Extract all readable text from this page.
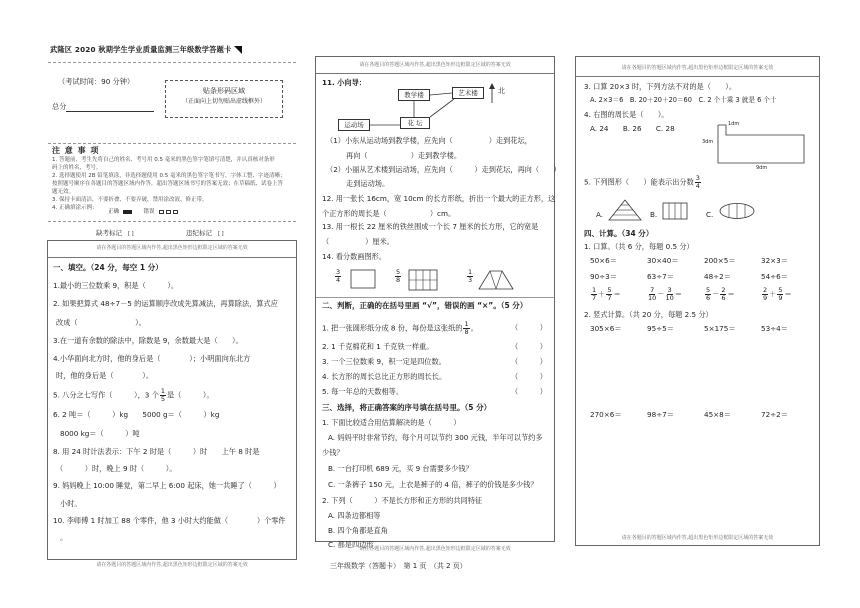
武隆区 2020 秋期学生学业质量监测三年级数学答题卡
（考试时间：90 分钟）
总分
贴条形码区域
（正面向上切勿贴出虚线框外）
注 意 事 项
1. 答题前，考生先将自己的姓名、考号用 0.5 毫米的黑色签字笔填写清楚，并认真核对条形
码上的姓名、考号。
2. 选择题使用 2B 铅笔填涂，非选择题使用 0.5 毫米的黑色签字笔书写，字体工整、字迹清晰；
按照题号顺序在各题目的答题区域内作答，超出答题区域书写的答案无效；在草稿纸、试卷上答
题无效。
3. 保持卡面清洁，不要折叠、不要弄破，禁用涂改液、修正带。
4. 正确填涂示例：
正确	错误
缺考标记 [ ]	违纪标记 [ ]
请在各题目的答题区域内作答,超出黑色矩形边框限定区域的答案无效
一、填空。（24 分，每空 1 分）
1.最小的三位数乘 9，积是（　　　）。
2. 如果把算式 48÷7－5 的运算顺序改成先算减法，再算除法，算式应
改成（　　　　　　　　）。
3.在一道有余数的除法中，除数是 9，余数最大是（　　）。
4.小华面向北方时，他的身后是（　　　　）；小明面向东北方
时，他的身后是（　　　　）。
5. 八分之七写作（　　　），3 个 $\frac{1}{5}$ 是（　　　）。
6. 2 吨＝（　　　）kg　　5000 g＝（　　　）kg
8000 kg＝（　　　）吨
8. 用 24 时计法表示：下午 2 时是（　　　）时　　上午 8 时是
（　　　）时，晚上 9 时（　　　）。
9. 妈妈晚上 10:00 睡觉，第二早上 6:00 起床，她一共睡了（　　　）
小时。
10. 李师傅 1 时加工 88 个零件，他 3 小时大约能做（　　　　）个零件
。
请在各题目的答题区域内作答,超出黑色矩形边框限定区域的答案无效
请在各题目的答题区域内作答,超出黑色矩形边框限定区域的答案无效
11. 小向导：
教学楼	艺术楼
运动场	花 坛
北
（1）小东从运动场到教学楼，应先向（　　　　　）走到花坛，
再向（　　　　　　）走到教学楼。
（2）小丽从艺术楼到运动场，应先向（　　　）走到花坛，再向（　　）
走到运动场。
12. 用一张长 16cm，宽 10cm 的长方形纸，折出一个最大的正方形，这
个正方形的周长是（　　　　　　）cm。
13. 用一根长 22 厘米的铁丝围成一个长 7 厘米的长方形，它的宽是
（　　　　　）厘米。
14. 看分数画图形。
$\frac{3}{4}$	$\frac{5}{8}$	$\frac{1}{3}$
二、判断，正确的在括号里画 “√”，错误的画 “×”。（5 分）
1. 把一张圆形纸分成 8 份，每份是这张纸的 $\frac{1}{8}$ 。	（　　　）
2. 1 千克棉花和 1 千克铁一样重。	（　　　）
3. 一个三位数乘 9，积一定是四位数。	（　　　）
4. 长方形的周长总比正方形的周长长。	（　　　）
5. 每一年总的天数相等。	（　　　）
三、选择，将正确答案的序号填在括号里。（5 分）
1. 下面比较适合用估算解决的是（　　　）
A. 妈妈平时非常节约，每个月可以节约 300 元钱，半年可以节约多
少钱？
B. 一台打印机 689 元，买 9 台需要多少钱？
C. 一条裤子 150 元，上衣是裤子的 4 倍，裤子的价钱是多少钱？
2. 下列（　　　）不是长方形和正方形的共同特征
A. 四条边都相等
B. 四个角都是直角
C. 都是四边形
请在各题目的答题区域内作答,超出黑色矩形边框限定区域的答案无效
三年级数学（答题卡）　第 1 页　（共 2 页）
请在各题目的答题区域内作答,超出黑色矩形边框限定区域的答案无效
3. 口算 20×3 时，下列方法不对的是（　　）。
A. 2×3＝6　B. 20＋20＋20＝60　C. 2 个十乘 3 就是 6 个十
4. 右图的周长是（　　）。
A. 24　　B. 26　　C. 28
3dm
1dm
9dm
5. 下列图形（　　）能表示出分数 $\frac{3}{4}$
A.	B.	C.
四、计算。（34 分）
1. 口算。（共 6 分，每题 0.5 分）
50×6＝	30×40＝	200×5＝	32×3＝
90÷3＝	63÷7＝	48÷2＝	54÷6＝
$\frac{1}{7} + \frac{5}{7}$ ＝	$\frac{7}{10} - \frac{3}{10}$ ＝	$\frac{5}{6} - \frac{2}{6}$ ＝	$\frac{2}{9} + \frac{5}{9}$ ＝
2. 竖式计算。（共 20 分，每题 2.5 分）
305×6＝	95÷5＝	5×175＝	53÷4＝
270×6＝	98÷7＝	45×8＝	72÷2＝
请在各题目的答题区域内作答,超出黑色矩形边框限定区域的答案无效
